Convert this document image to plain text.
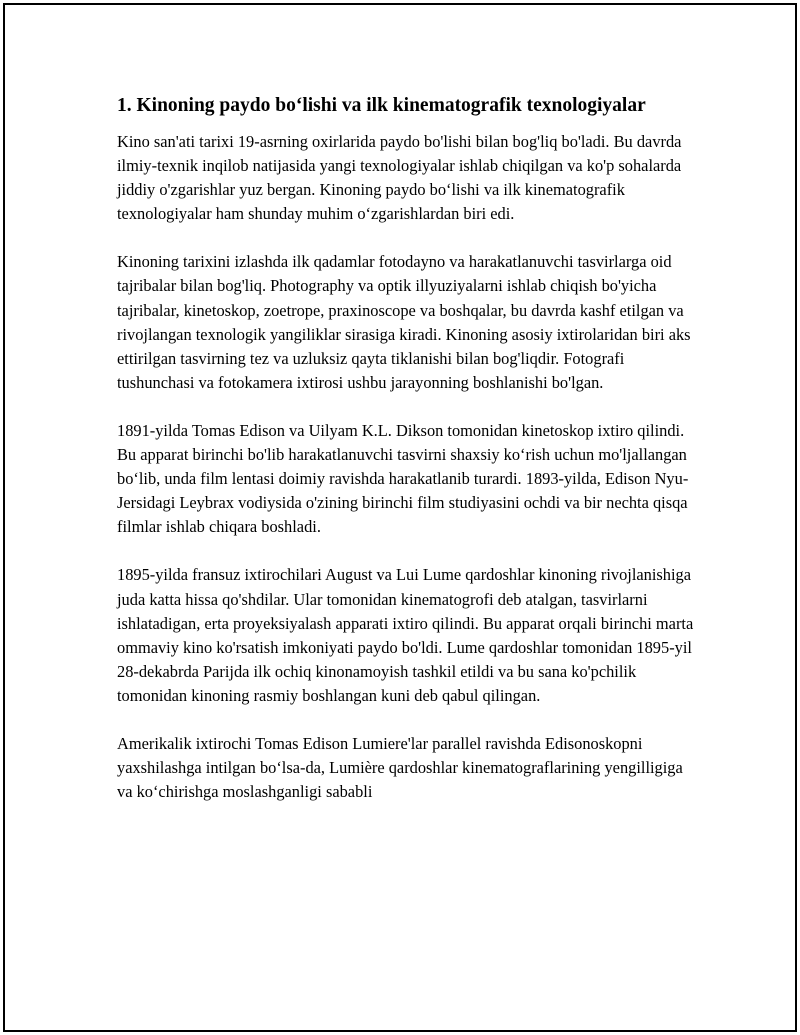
1. Kinoning paydo bo‘lishi va ilk kinematografik texnologiyalar

Kino san'ati tarixi 19-asrning oxirlarida paydo bo'lishi bilan bog'liq bo'ladi. Bu davrda ilmiy-texnik inqilob natijasida yangi texnologiyalar ishlab chiqilgan va ko'p sohalarda jiddiy o'zgarishlar yuz bergan. Kinoning paydo bo‘lishi va ilk kinematografik texnologiyalar ham shunday muhim o‘zgarishlardan biri edi.

Kinoning tarixini izlashda ilk qadamlar fotodayno va harakatlanuvchi tasvirlarga oid tajribalar bilan bog'liq. Photography va optik illyuziyalarni ishlab chiqish bo'yicha tajribalar, kinetoskop, zoetrope, praxinoscope va boshqalar, bu davrda kashf etilgan va rivojlangan texnologik yangiliklar sirasiga kiradi. Kinoning asosiy ixtirolaridan biri aks ettirilgan tasvirning tez va uzluksiz qayta tiklanishi bilan bog'liqdir. Fotografi tushunchasi va fotokamera ixtirosi ushbu jarayonning boshlanishi bo'lgan.

1891-yilda Tomas Edison va Uilyam K.L. Dikson tomonidan kinetoskop ixtiro qilindi. Bu apparat birinchi bo'lib harakatlanuvchi tasvirni shaxsiy ko‘rish uchun mo'ljallangan bo‘lib, unda film lentasi doimiy ravishda harakatlanib turardi. 1893-yilda, Edison Nyu-Jersidagi Leybrax vodiysida o'zining birinchi film studiyasini ochdi va bir nechta qisqa filmlar ishlab chiqara boshladi.

1895-yilda fransuz ixtirochilari August va Lui Lume qardoshlar kinoning rivojlanishiga juda katta hissa qo'shdilar. Ular tomonidan kinematogrofi deb atalgan, tasvirlarni ishlatadigan, erta proyeksiyalash apparati ixtiro qilindi. Bu apparat orqali birinchi marta ommaviy kino ko'rsatish imkoniyati paydo bo'ldi. Lume qardoshlar tomonidan 1895-yil 28-dekabrda Parijda ilk ochiq kinonamoyish tashkil etildi va bu sana ko'pchilik tomonidan kinoning rasmiy boshlangan kuni deb qabul qilingan.

Amerikalik ixtirochi Tomas Edison Lumiere'lar parallel ravishda Edisonoskopni yaxshilashga intilgan bo‘lsa-da, Lumière qardoshlar kinematograflarining yengilligiga va ko‘chirishga moslashganligi sababli
